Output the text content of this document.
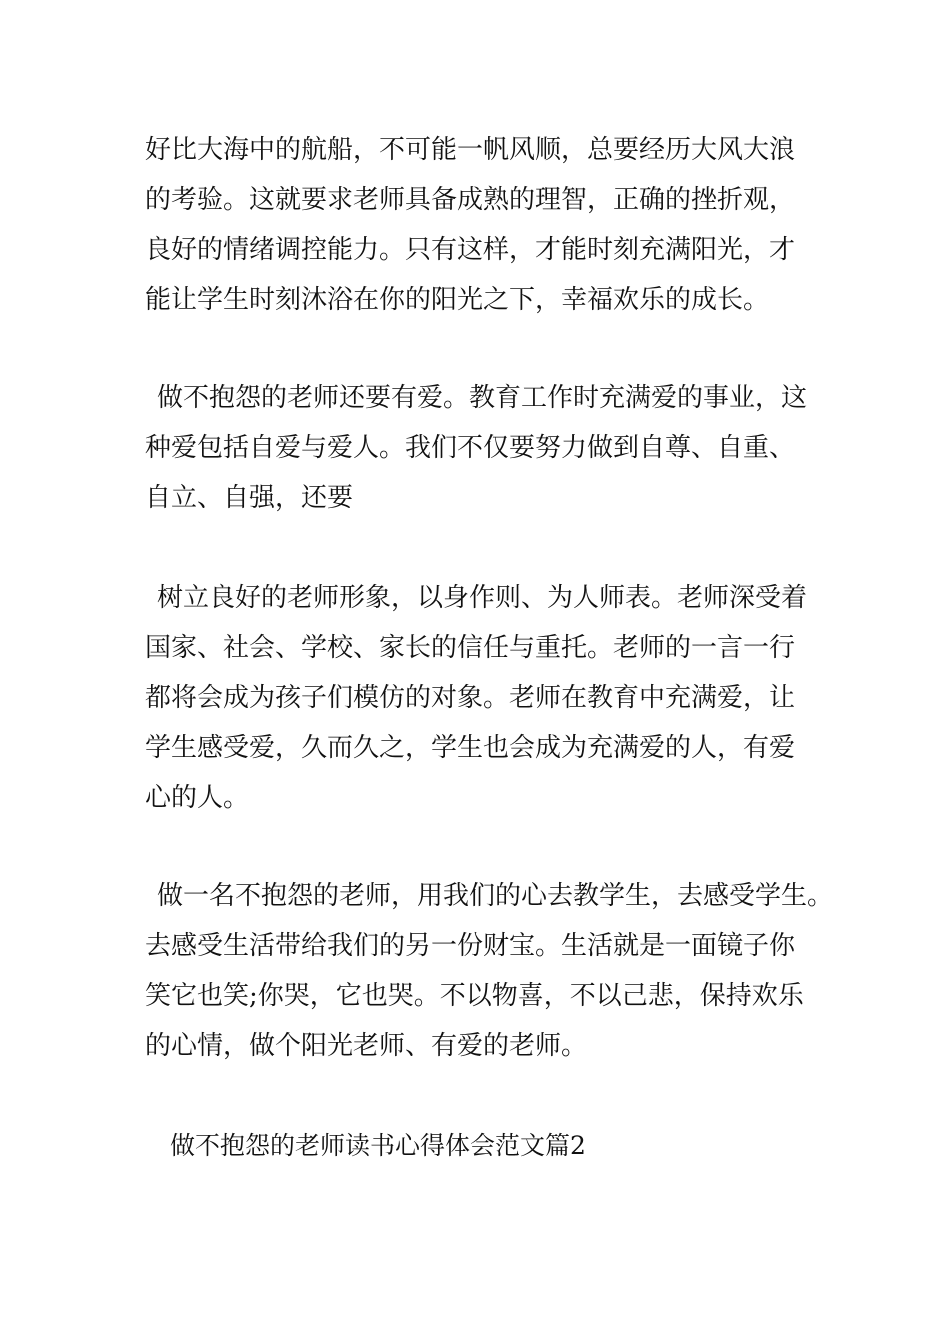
好比大海中的航船，不可能一帆风顺，总要经历大风大浪
的考验。这就要求老师具备成熟的理智，正确的挫折观，
良好的情绪调控能力。只有这样，才能时刻充满阳光，才
能让学生时刻沐浴在你的阳光之下，幸福欢乐的成长。
做不抱怨的老师还要有爱。教育工作时充满爱的事业，这
种爱包括自爱与爱人。我们不仅要努力做到自尊、自重、
自立、自强，还要
树立良好的老师形象，以身作则、为人师表。老师深受着
国家、社会、学校、家长的信任与重托。老师的一言一行
都将会成为孩子们模仿的对象。老师在教育中充满爱，让
学生感受爱，久而久之，学生也会成为充满爱的人，有爱
心的人。
做一名不抱怨的老师，用我们的心去教学生，去感受学生。
去感受生活带给我们的另一份财宝。生活就是一面镜子你
笑它也笑;你哭，它也哭。不以物喜，不以己悲，保持欢乐
的心情，做个阳光老师、有爱的老师。
做不抱怨的老师读书心得体会范文篇2
